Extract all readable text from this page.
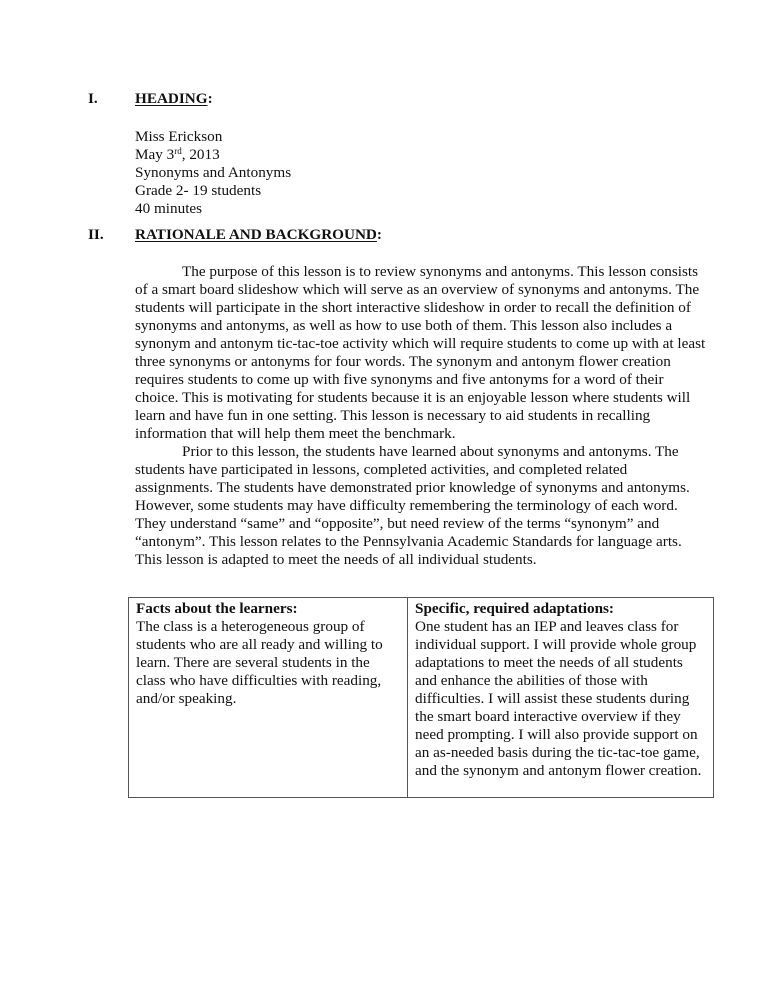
I. HEADING:
Miss Erickson
May 3rd, 2013
Synonyms and Antonyms
Grade 2- 19 students
40 minutes
II. RATIONALE AND BACKGROUND:

The purpose of this lesson is to review synonyms and antonyms. This lesson consists of a smart board slideshow which will serve as an overview of synonyms and antonyms. The students will participate in the short interactive slideshow in order to recall the definition of synonyms and antonyms, as well as how to use both of them. This lesson also includes a synonym and antonym tic-tac-toe activity which will require students to come up with at least three synonyms or antonyms for four words. The synonym and antonym flower creation requires students to come up with five synonyms and five antonyms for a word of their choice. This is motivating for students because it is an enjoyable lesson where students will learn and have fun in one setting. This lesson is necessary to aid students in recalling information that will help them meet the benchmark.

Prior to this lesson, the students have learned about synonyms and antonyms. The students have participated in lessons, completed activities, and completed related assignments. The students have demonstrated prior knowledge of synonyms and antonyms. However, some students may have difficulty remembering the terminology of each word. They understand “same” and “opposite”, but need review of the terms “synonym” and “antonym”. This lesson relates to the Pennsylvania Academic Standards for language arts. This lesson is adapted to meet the needs of all individual students.

Facts about the learners:
The class is a heterogeneous group of students who are all ready and willing to learn. There are several students in the class who have difficulties with reading, and/or speaking.

Specific, required adaptations:
One student has an IEP and leaves class for individual support. I will provide whole group adaptations to meet the needs of all students and enhance the abilities of those with difficulties. I will assist these students during the smart board interactive overview if they need prompting. I will also provide support on an as-needed basis during the tic-tac-toe game, and the synonym and antonym flower creation.
